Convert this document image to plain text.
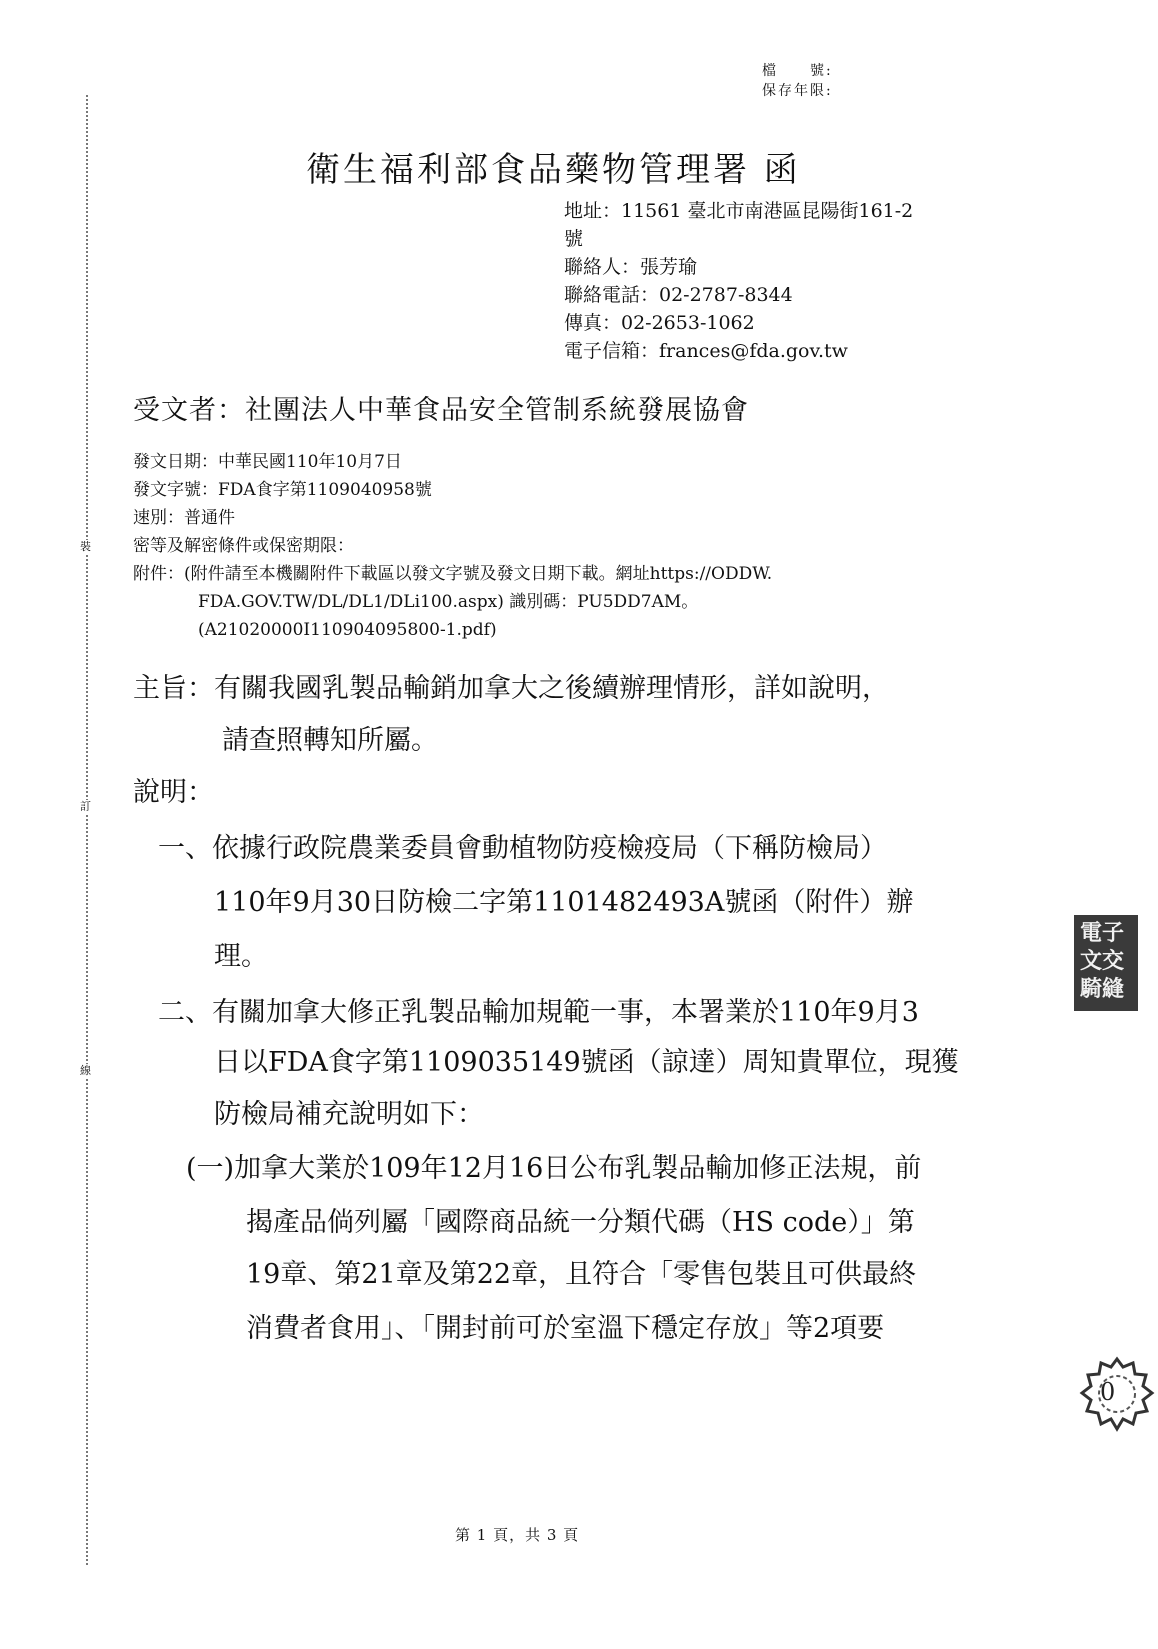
裝
訂
線
檔　　號:
保存年限:
衛生福利部食品藥物管理署 函
地址：11561 臺北市南港區昆陽街161-2
號
聯絡人：張芳瑜
聯絡電話：02-2787-8344
傳真：02-2653-1062
電子信箱：frances@fda.gov.tw
受文者：社團法人中華食品安全管制系統發展協會
發文日期：中華民國110年10月7日
發文字號：FDA食字第1109040958號
速別：普通件
密等及解密條件或保密期限：
附件：(附件請至本機關附件下載區以發文字號及發文日期下載。網址https://ODDW.
FDA.GOV.TW/DL/DL1/DLi100.aspx) 識別碼：PU5DD7AM。
(A21020000I110904095800-1.pdf)
主旨：有關我國乳製品輸銷加拿大之後續辦理情形，詳如說明，
請查照轉知所屬。
說明：
一、依據行政院農業委員會動植物防疫檢疫局（下稱防檢局）
110年9月30日防檢二字第1101482493A號函（附件）辦
理。
二、有關加拿大修正乳製品輸加規範一事，本署業於110年9月3
日以FDA食字第1109035149號函（諒達）周知貴單位，現獲
防檢局補充說明如下：
(一)加拿大業於109年12月16日公布乳製品輸加修正法規，前
揭產品倘列屬「國際商品統一分類代碼（HS code）」第
19章、第21章及第22章，且符合「零售包裝且可供最終
消費者食用」、「開封前可於室溫下穩定存放」等2項要
電子
文交
騎縫
0
第 1 頁，共 3 頁
